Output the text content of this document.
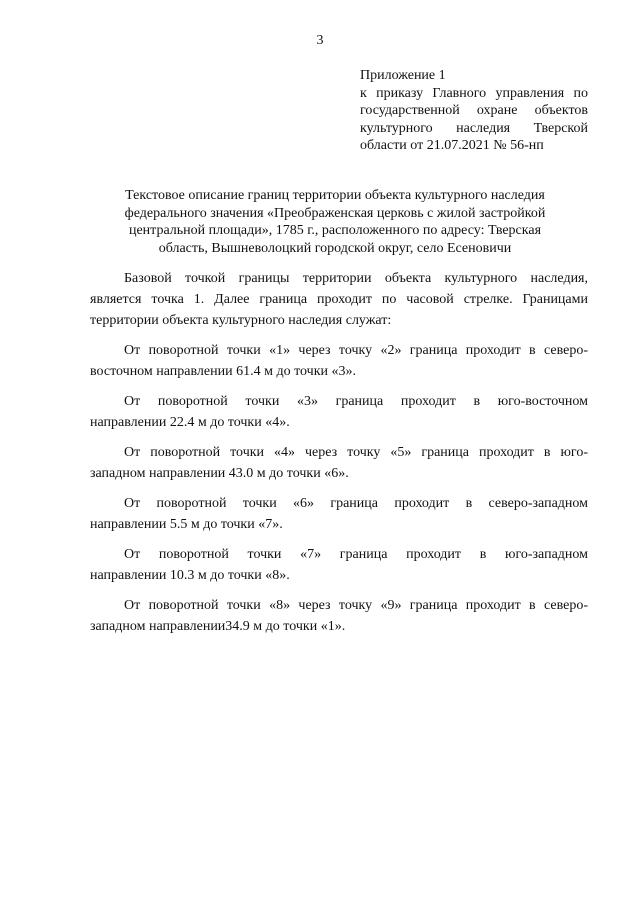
3
Приложение 1
к приказу Главного управления по
государственной охране объектов
культурного наследия Тверской
области от 21.07.2021 № 56-нп
Текстовое описание границ территории объекта культурного наследия
федерального значения «Преображенская церковь с жилой застройкой
центральной площади», 1785 г., расположенного по адресу: Тверская
область, Вышневолоцкий городской округ, село Есеновичи
Базовой точкой границы территории объекта культурного наследия,
является точка 1. Далее граница проходит по часовой стрелке. Границами
территории объекта культурного наследия служат:
От поворотной точки «1» через точку «2» граница проходит в северо-
восточном направлении 61.4 м до точки «3».
От поворотной точки «3» граница проходит в юго-восточном
направлении 22.4 м до точки «4».
От поворотной точки «4» через точку «5» граница проходит в юго-
западном направлении 43.0 м до точки «6».
От поворотной точки «6» граница проходит в северо-западном
направлении 5.5 м до точки «7».
От поворотной точки «7» граница проходит в юго-западном
направлении 10.3 м до точки «8».
От поворотной точки «8» через точку «9» граница проходит в северо-
западном направлении34.9 м до точки «1».
